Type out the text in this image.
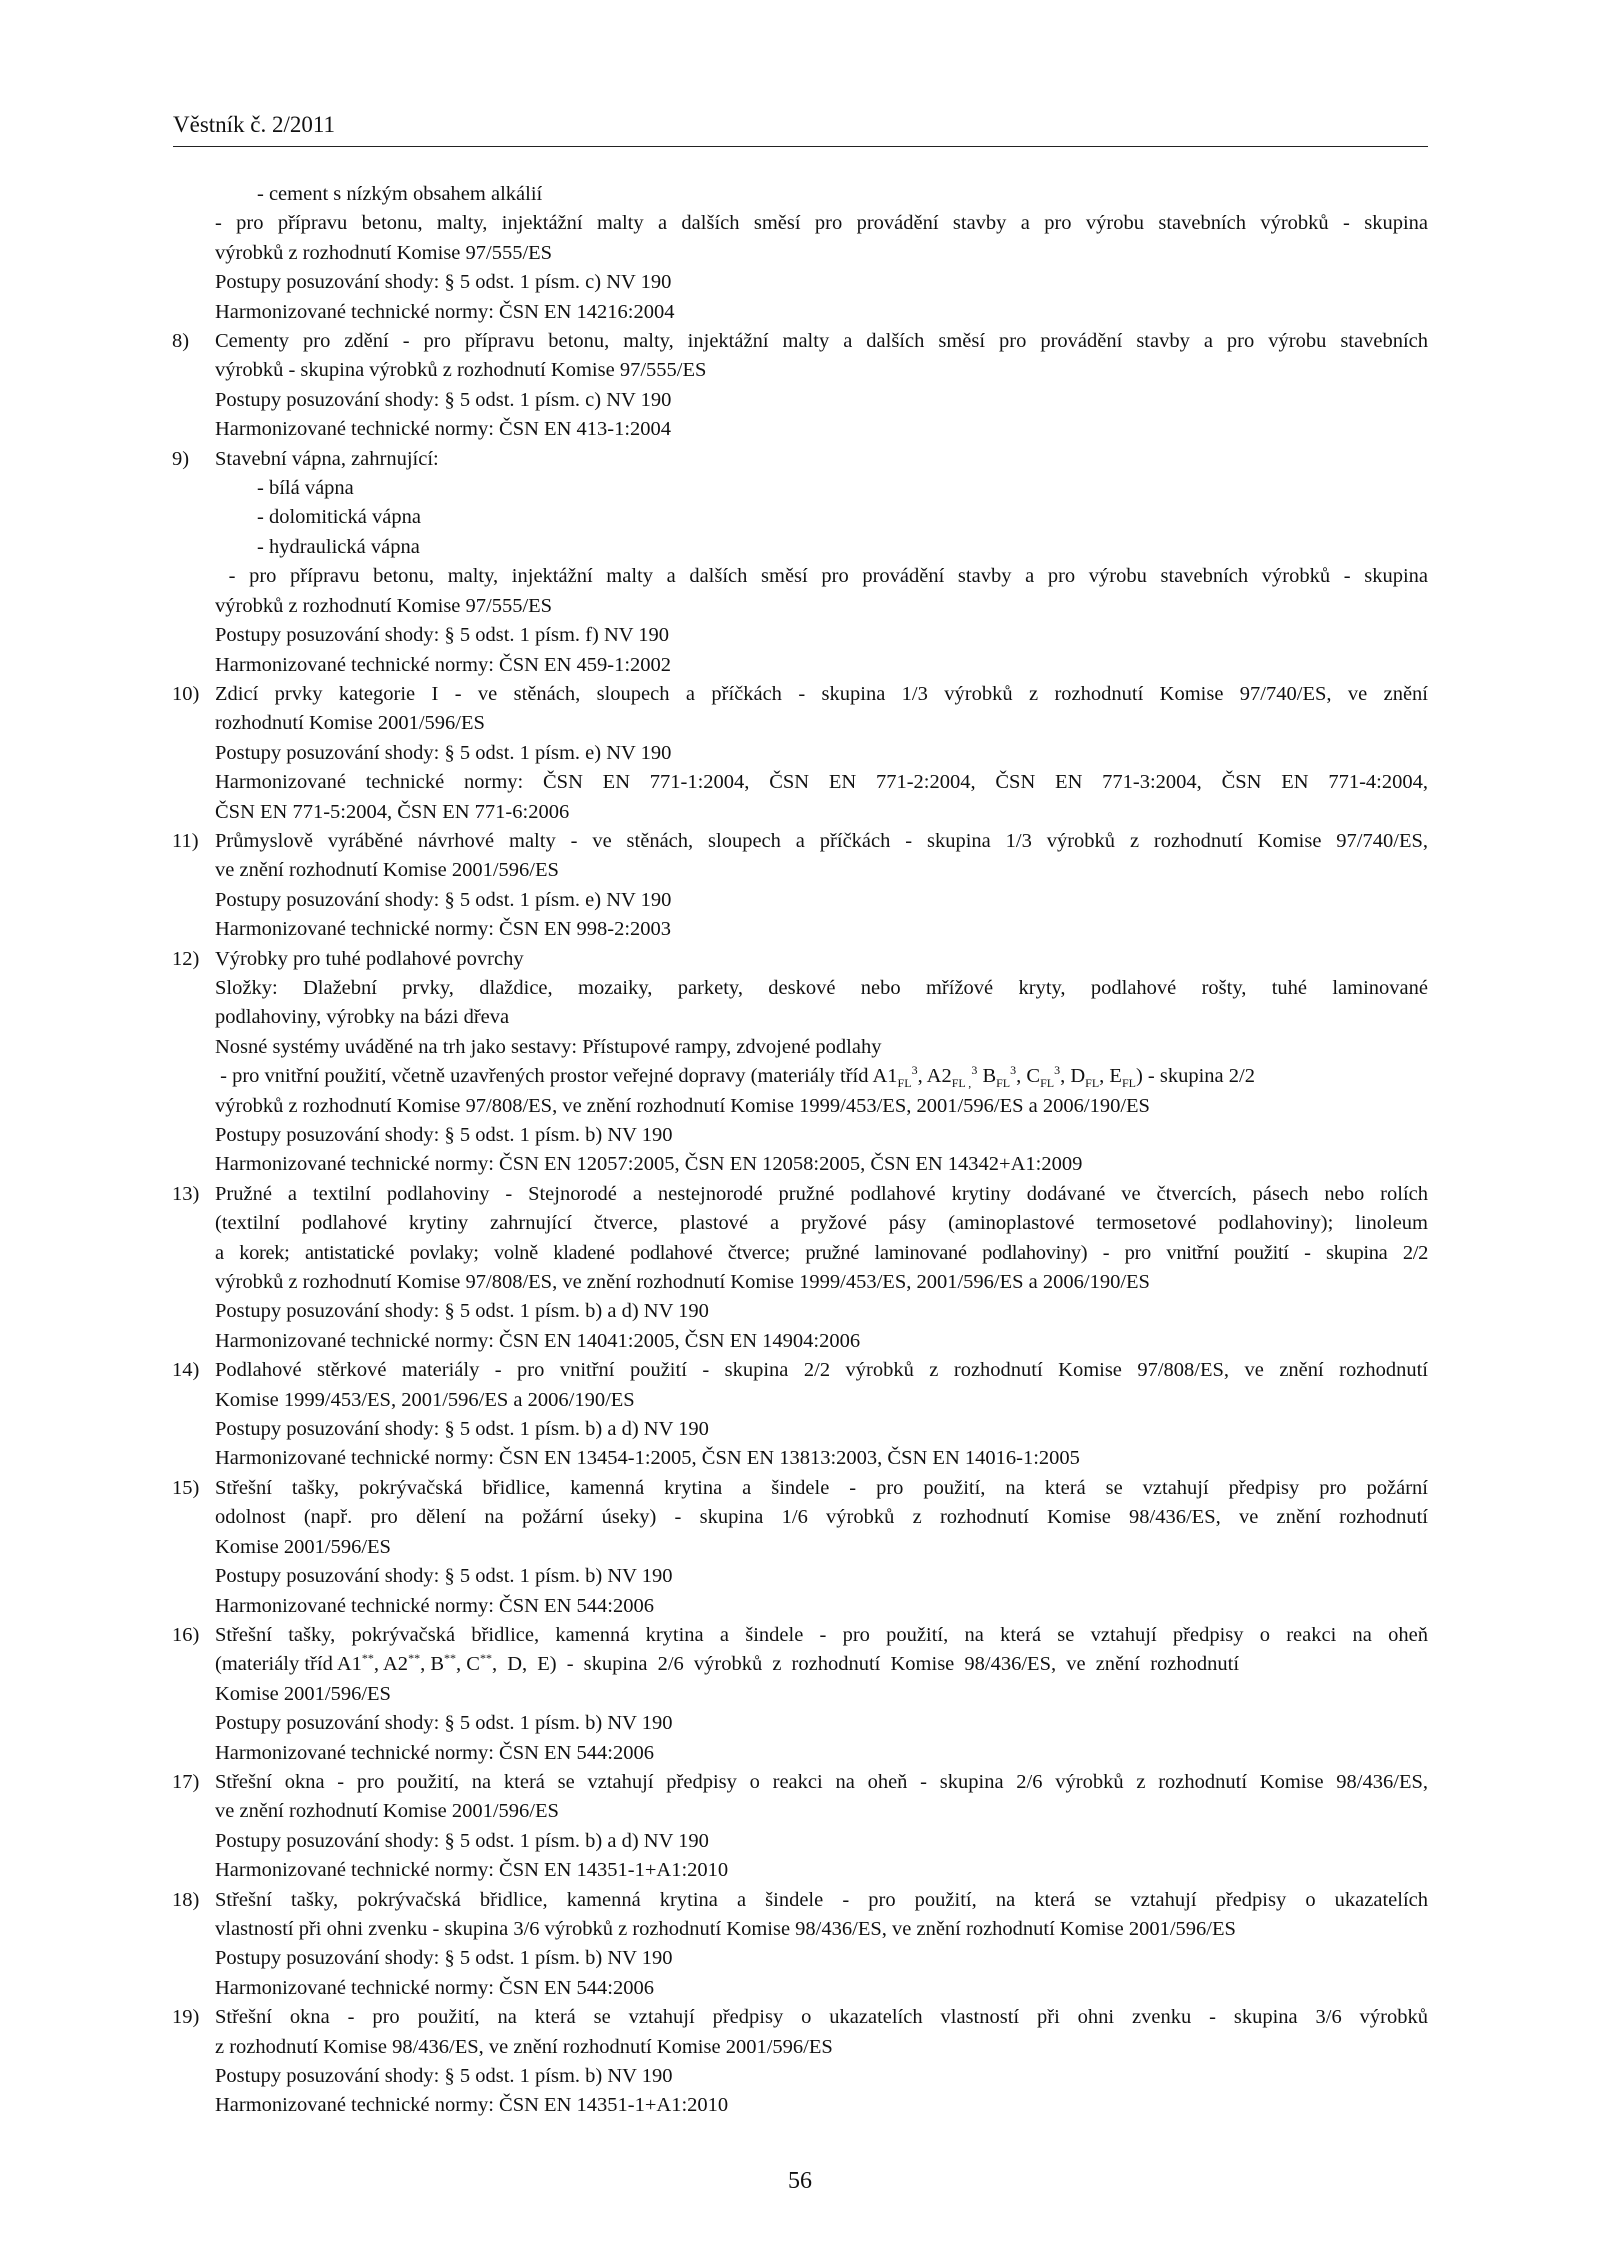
Věstník č. 2/2011
- cement s nízkým obsahem alkálií
- pro přípravu betonu, malty, injektážní malty a dalších směsí pro provádění stavby a pro výrobu stavebních výrobků - skupina
výrobků z rozhodnutí Komise 97/555/ES
Postupy posuzování shody: § 5 odst. 1 písm. c) NV 190
Harmonizované technické normy: ČSN EN 14216:2004
8) Cementy pro zdění - pro přípravu betonu, malty, injektážní malty a dalších směsí pro provádění stavby a pro výrobu stavebních
výrobků - skupina výrobků z rozhodnutí Komise 97/555/ES
Postupy posuzování shody: § 5 odst. 1 písm. c) NV 190
Harmonizované technické normy: ČSN EN 413-1:2004
9) Stavební vápna, zahrnující:
- bílá vápna
- dolomitická vápna
- hydraulická vápna
- pro přípravu betonu, malty, injektážní malty a dalších směsí pro provádění stavby a pro výrobu stavebních výrobků - skupina
výrobků z rozhodnutí Komise 97/555/ES
Postupy posuzování shody: § 5 odst. 1 písm. f) NV 190
Harmonizované technické normy: ČSN EN 459-1:2002
10) Zdicí prvky kategorie I - ve stěnách, sloupech a příčkách - skupina 1/3 výrobků z rozhodnutí Komise 97/740/ES, ve znění
rozhodnutí Komise 2001/596/ES
Postupy posuzování shody: § 5 odst. 1 písm. e) NV 190
Harmonizované technické normy: ČSN EN 771-1:2004, ČSN EN 771-2:2004, ČSN EN 771-3:2004, ČSN EN 771-4:2004,
ČSN EN 771-5:2004, ČSN EN 771-6:2006
11) Průmyslově vyráběné návrhové malty - ve stěnách, sloupech a příčkách - skupina 1/3 výrobků z rozhodnutí Komise 97/740/ES,
ve znění rozhodnutí Komise 2001/596/ES
Postupy posuzování shody: § 5 odst. 1 písm. e) NV 190
Harmonizované technické normy: ČSN EN 998-2:2003
12) Výrobky pro tuhé podlahové povrchy
Složky: Dlažební prvky, dlaždice, mozaiky, parkety, deskové nebo mřížové kryty, podlahové rošty, tuhé laminované
podlahoviny, výrobky na bázi dřeva
Nosné systémy uváděné na trh jako sestavy: Přístupové rampy, zdvojené podlahy
- pro vnitřní použití, včetně uzavřených prostor veřejné dopravy (materiály tříd $A1_{FL}^3$, $A2_{FL ,}^3$ $B_{FL}^3$, $C_{FL}^3$, $D_{FL}$, $E_{FL}$) - skupina 2/2
výrobků z rozhodnutí Komise 97/808/ES, ve znění rozhodnutí Komise 1999/453/ES, 2001/596/ES a 2006/190/ES
Postupy posuzování shody: § 5 odst. 1 písm. b) NV 190
Harmonizované technické normy: ČSN EN 12057:2005, ČSN EN 12058:2005, ČSN EN 14342+A1:2009
13) Pružné a textilní podlahoviny - Stejnorodé a nestejnorodé pružné podlahové krytiny dodávané ve čtvercích, pásech nebo rolích
(textilní podlahové krytiny zahrnující čtverce, plastové a pryžové pásy (aminoplastové termosetové podlahoviny); linoleum
a korek; antistatické povlaky; volně kladené podlahové čtverce; pružné laminované podlahoviny) - pro vnitřní použití - skupina 2/2
výrobků z rozhodnutí Komise 97/808/ES, ve znění rozhodnutí Komise 1999/453/ES, 2001/596/ES a 2006/190/ES
Postupy posuzování shody: § 5 odst. 1 písm. b) a d) NV 190
Harmonizované technické normy: ČSN EN 14041:2005, ČSN EN 14904:2006
14) Podlahové stěrkové materiály - pro vnitřní použití - skupina 2/2 výrobků z rozhodnutí Komise 97/808/ES, ve znění rozhodnutí
Komise 1999/453/ES, 2001/596/ES a 2006/190/ES
Postupy posuzování shody: § 5 odst. 1 písm. b) a d) NV 190
Harmonizované technické normy: ČSN EN 13454-1:2005, ČSN EN 13813:2003, ČSN EN 14016-1:2005
15) Střešní tašky, pokrývačská břidlice, kamenná krytina a šindele - pro použití, na která se vztahují předpisy pro požární
odolnost (např. pro dělení na požární úseky) - skupina 1/6 výrobků z rozhodnutí Komise 98/436/ES, ve znění rozhodnutí
Komise 2001/596/ES
Postupy posuzování shody: § 5 odst. 1 písm. b) NV 190
Harmonizované technické normy: ČSN EN 544:2006
16) Střešní tašky, pokrývačská břidlice, kamenná krytina a šindele - pro použití, na která se vztahují předpisy o reakci na oheň
(materiály tříd A1**, A2**, B**, C**, D, E) - skupina 2/6 výrobků z rozhodnutí Komise 98/436/ES, ve znění rozhodnutí
Komise 2001/596/ES
Postupy posuzování shody: § 5 odst. 1 písm. b) NV 190
Harmonizované technické normy: ČSN EN 544:2006
17) Střešní okna - pro použití, na která se vztahují předpisy o reakci na oheň - skupina 2/6 výrobků z rozhodnutí Komise 98/436/ES,
ve znění rozhodnutí Komise 2001/596/ES
Postupy posuzování shody: § 5 odst. 1 písm. b) a d) NV 190
Harmonizované technické normy: ČSN EN 14351-1+A1:2010
18) Střešní tašky, pokrývačská břidlice, kamenná krytina a šindele - pro použití, na která se vztahují předpisy o ukazatelích
vlastností při ohni zvenku - skupina 3/6 výrobků z rozhodnutí Komise 98/436/ES, ve znění rozhodnutí Komise 2001/596/ES
Postupy posuzování shody: § 5 odst. 1 písm. b) NV 190
Harmonizované technické normy: ČSN EN 544:2006
19) Střešní okna - pro použití, na která se vztahují předpisy o ukazatelích vlastností při ohni zvenku - skupina 3/6 výrobků
z rozhodnutí Komise 98/436/ES, ve znění rozhodnutí Komise 2001/596/ES
Postupy posuzování shody: § 5 odst. 1 písm. b) NV 190
Harmonizované technické normy: ČSN EN 14351-1+A1:2010
56
